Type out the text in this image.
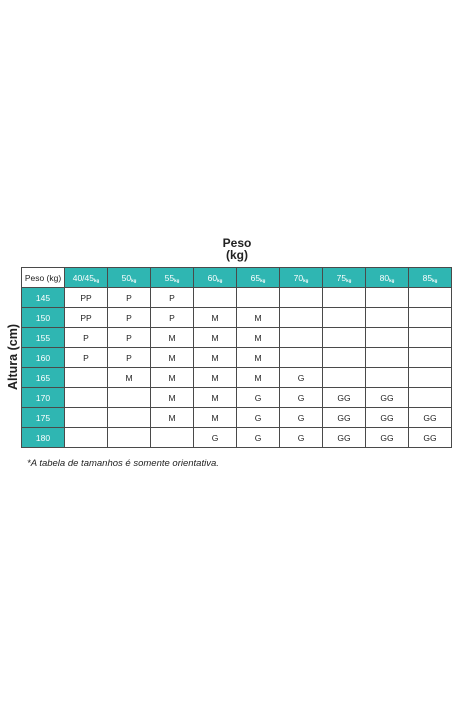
Peso
(kg)
Altura (cm)
Peso (kg)	$40/45_{kg}$	$50_{kg}$	$55_{kg}$	$60_{kg}$	$65_{kg}$	$70_{kg}$	$75_{kg}$	$80_{kg}$	$85_{kg}$
145	PP	P	P						
150	PP	P	P	M	M				
155	P	P	M	M	M				
160	P	P	M	M	M				
165		M	M	M	M	G			
170			M	M	G	G	GG	GG	
175			M	M	G	G	GG	GG	GG
180				G	G	G	GG	GG	GG
*A tabela de tamanhos é somente orientativa.
